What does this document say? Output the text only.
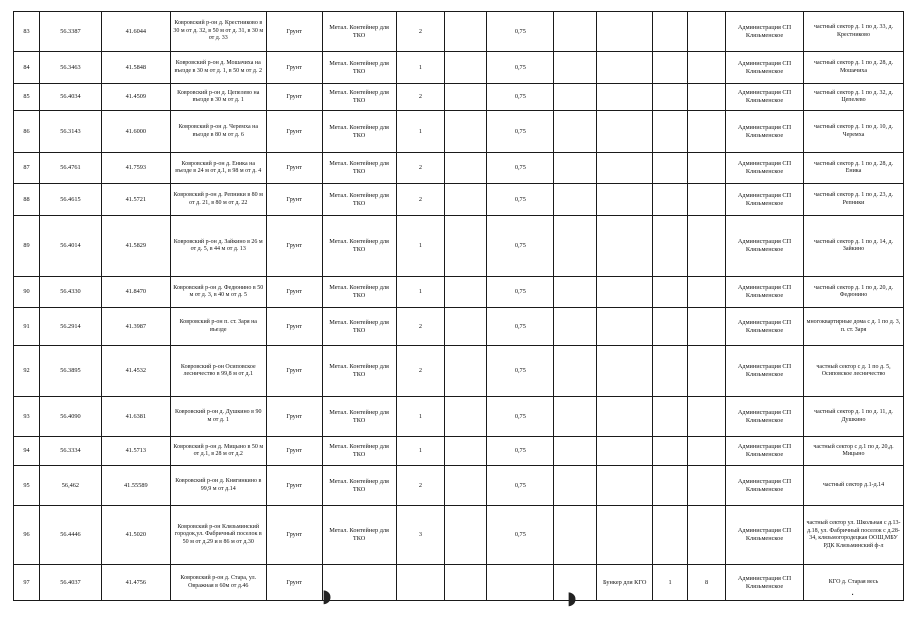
83	56.3387	41.6044	Ковровский р-он д. Крестниково в 30 м от д. 32, в 50 м от д. 31, в 30 м от д. 33	Грунт	Метал. Контейнер для ТКО	2		0,75					Администрация СП Клязьменское	частный сектор д. 1 по д. 33, д. Крестниково
84	56.3463	41.5848	Ковровский р-он д. Мошачиха на въезде в 30 м от д. 1, в 50 м от д. 2	Грунт	Метал. Контейнер для ТКО	1		0,75					Администрация СП Клязьменское	частный сектор д. 1 по д. 28, д. Мошачиха
85	56.4034	41.4509	Ковровский р-он д. Цепелево на въезде в 30 м от д. 1	Грунт	Метал. Контейнер для ТКО	2		0,75					Администрация СП Клязьменское	частный сектор д. 1 по д. 32, д. Цепелево
86	56.3143	41.6000	Ковровский р-он д. Черемха на въезде в 80 м от д. 6	Грунт	Метал. Контейнер для ТКО	1		0,75					Администрация СП Клязьменское	частный сектор д. 1 по д. 10, д. Черемха
87	56.4761	41.7593	Ковровский р-он д. Еника на въезде в 24 м от д.1, в 98 м от д. 4	Грунт	Метал. Контейнер для ТКО	2		0,75					Администрация СП Клязьменское	частный сектор д. 1 по д. 28, д. Еника
88	56.4615	41.5721	Ковровский р-он д. Репники в 80 м от д. 21, в 80 м от д. 22	Грунт	Метал. Контейнер для ТКО	2		0,75					Администрация СП Клязьменское	частный сектор д. 1 по д. 23, д. Репники
89	56.4014	41.5829	Ковровский р-он д. Зайкино в 26 м от д. 5, в 44 м от д. 13	Грунт	Метал. Контейнер для ТКО	1		0,75					Администрация СП Клязьменское	частный сектор д. 1 по д. 14, д. Зайкино
90	56.4330	41.8470	Ковровский р-он д. Федюнино в 50 м от д. 3, в 40 м от д. 5	Грунт	Метал. Контейнер для ТКО	1		0,75					Администрация СП Клязьменское	частный сектор д. 1 по д. 20, д. Федюнино
91	56.2914	41.3987	Ковровский р-он п. ст. Заря на въезде	Грунт	Метал. Контейнер для ТКО	2		0,75					Администрация СП Клязьменское	многоквартирные дома с д. 1 по д. 3, п. ст. Заря
92	56.3895	41.4532	Ковровский р-он Осиповское лесничество в 99,8 м от д.1	Грунт	Метал. Контейнер для ТКО	2		0,75					Администрация СП Клязьменское	частный сектор с д. 1 по д. 5, Осиповское лесничество
93	56.4090	41.6381	Ковровский р-он д. Душкино в 90 м от д. 1	Грунт	Метал. Контейнер для ТКО	1		0,75					Администрация СП Клязьменское	частный сектор д. 1 по д. 11, д. Душкино
94	56.3334	41.5713	Ковровский р-он д. Мицыно в 50 м от д.1, в 28 м от д.2	Грунт	Метал. Контейнер для ТКО	1		0,75					Администрация СП Клязьменское	частный сектор с д.1 по д. 20,д. Мицыно
95	56,462	41.55589	Ковровский р-он д. Княгинкино в 99,9 м от д.14	Грунт	Метал. Контейнер для ТКО	2		0,75					Администрация СП Клязьменское	частный сектор д.1-д.14
96	56.4446	41.5020	Ковровский р-он Клязьминский городок,ул. Фабричный поселок в 50 м от д.29 и в 86 м от д.30	Грунт	Метал. Контейнер для ТКО	3		0,75					Администрация СП Клязьменское	частный сектор ул. Школьная с д.13-д.18, ул. Фабричный поселок с д.28-34, клязьмогородецкая ООШ,МБУ РДК Клязьминский ф-л
97	56.4037	41.4756	Ковровский р-он д. Стара, ул. Овражная в 60м от д.46	Грунт						Бункер для КГО	1	8	Администрация СП Клязьменское	КГО д. Старая весь
◗	◗	·
